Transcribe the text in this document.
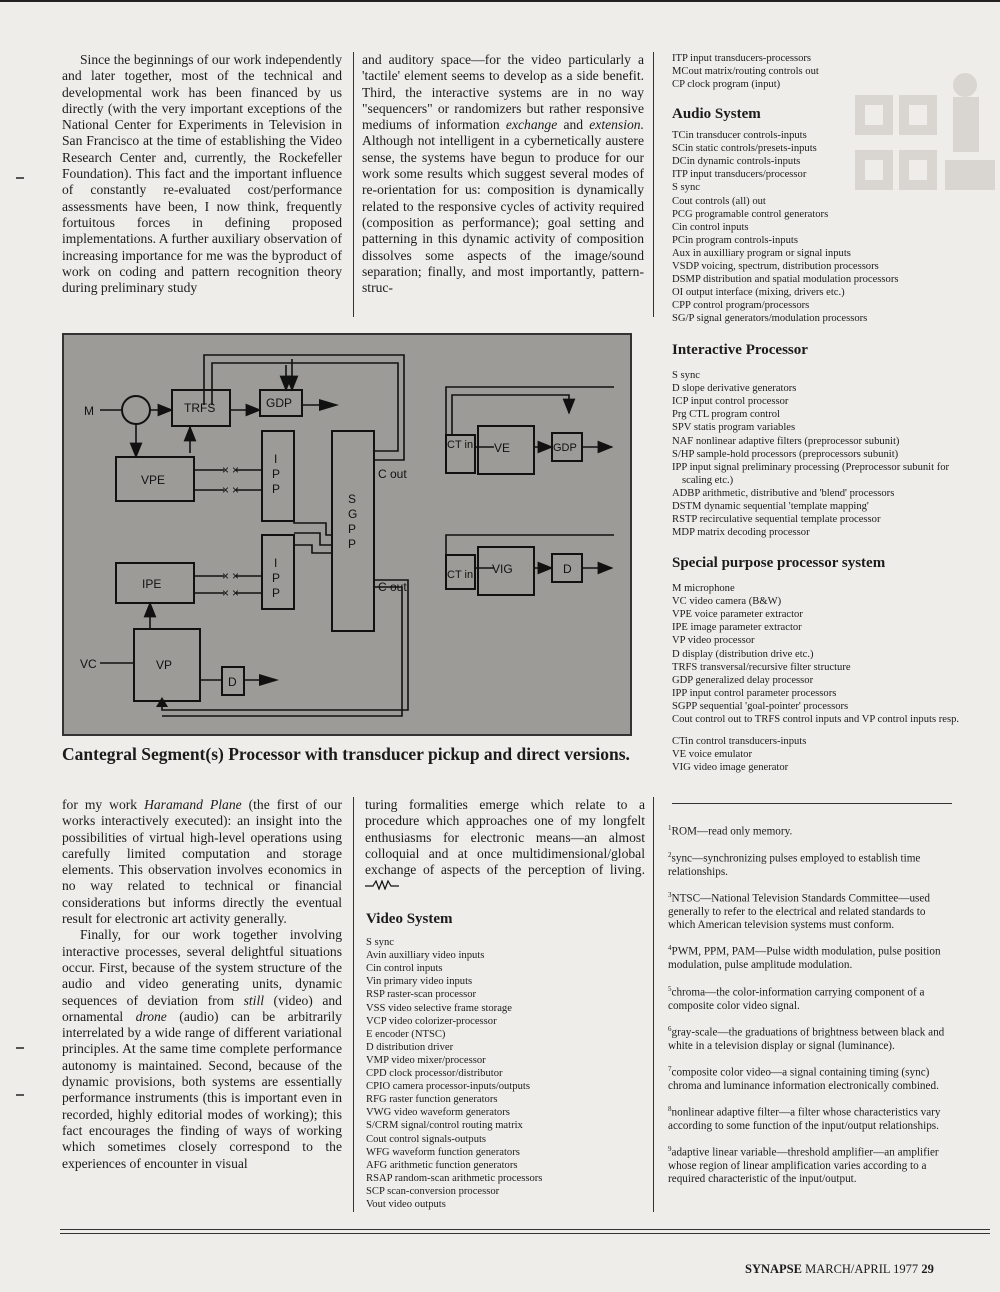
Since the beginnings of our work independently and later together, most of the technical and developmental work has been financed by us directly (with the very important exceptions of the National Center for Experiments in Television in San Francisco at the time of establishing the Video Research Center and, currently, the Rockefeller Foundation). This fact and the important influence of constantly re-evaluated cost/performance assessments have been, I now think, frequently fortuitous forces in defining proposed implementations. A further auxiliary observation of increasing importance for me was the byproduct of work on coding and pattern recognition theory during preliminary study

and auditory space—for the video particularly a 'tactile' element seems to develop as a side benefit. Third, the interactive systems are in no way "sequencers" or randomizers but rather responsive mediums of information exchange and extension. Although not intelligent in a cybernetically austere sense, the systems have begun to produce for our work some results which suggest several modes of re-orientation for us: composition is dynamically related to the responsive cycles of activity required (composition as performance); goal setting and patterning in this dynamic activity of composition dissolves some aspects of the image/sound separation; finally, and most importantly, pattern-struc-

ITP input transducers-processors
MCout matrix/routing controls out
CP clock program (input)
Audio System
TCin transducer controls-inputs
SCin static controls/presets-inputs
DCin dynamic controls-inputs
ITP input transducers/processor
S sync
Cout controls (all) out
PCG programable control generators
Cin control inputs
PCin program controls-inputs
Aux in auxilliary program or signal inputs
VSDP voicing, spectrum, distribution processors
DSMP distribution and spatial modulation processors
OI output interface (mixing, drivers etc.)
CPP control program/processors
SG/P signal generators/modulation processors
Interactive Processor
S sync
D slope derivative generators
ICP input control processor
Prg CTL program control
SPV statis program variables
NAF nonlinear adaptive filters (preprocessor subunit)
S/HP sample-hold processors (preprocessors subunit)
IPP input signal preliminary processing (Preprocessor subunit for scaling etc.)
ADBP arithmetic, distributive and 'blend' processors
DSTM dynamic sequential 'template mapping'
RSTP recirculative sequential template processor
MDP matrix decoding processor
Special purpose processor system
M microphone
VC video camera (B&W)
VPE voice parameter extractor
IPE image parameter extractor
VP video processor
D display (distribution drive etc.)
TRFS transversal/recursive filter structure
GDP generalized delay processor
IPP input control parameter processors
SGPP sequential 'goal-pointer' processors
Cout control out to TRFS control inputs and VP control inputs resp.
CTin control transducers-inputs
VE voice emulator
VIG video image generator
$^1$ROM—read only memory.
$^2$sync—synchronizing pulses employed to establish time relationships.
$^3$NTSC—National Television Standards Committee—used generally to refer to the electrical and related standards to which American television systems must conform.
$^4$PWM, PPM, PAM—Pulse width modulation, pulse position modulation, pulse amplitude modulation.
$^5$chroma—the color-information carrying component of a composite color video signal.
$^6$gray-scale—the graduations of brightness between black and white in a television display or signal (luminance).
$^7$composite color video—a signal containing timing (sync) chroma and luminance information electronically combined.
$^8$nonlinear adaptive filter—a filter whose characteristics vary according to some function of the input/output relationships.
$^9$adaptive linear variable—threshold amplifier—an amplifier whose region of linear amplification varies according to a required characteristic of the input/output.
M	TRFS	GDP
VPE
I
P
P
I
P
P
S
G
P
P
C out
C out
IPE
VC	VP
D
CT in VE	GDP
CT in VIG	D
×
×
×
×
×
×
×
×
Cantegral Segment(s) Processor with transducer pickup and direct versions.

for my work Haramand Plane (the first of our works interactively executed): an insight into the possibilities of virtual high-level operations using carefully limited computation and storage elements. This observation involves economics in no way related to technical or financial considerations but informs directly the eventual result for electronic art activity generally.

Finally, for our work together involving interactive processes, several delightful situations occur. First, because of the system structure of the audio and video generating units, dynamic sequences of deviation from still (video) and ornamental drone (audio) can be arbitrarily interrelated by a wide range of different variational principles. At the same time complete performance autonomy is maintained. Second, because of the dynamic provisions, both systems are essentially performance instruments (this is important even in recorded, highly editorial modes of working); this fact encourages the finding of ways of working which sometimes closely correspond to the experiences of encounter in visual

turing formalities emerge which relate to a procedure which approaches one of my longfelt enthusiasms for electronic means—an almost colloquial and at once multidimensional/global exchange of aspects of the perception of living.

Video System
S sync
Avin auxilliary video inputs
Cin control inputs
Vin primary video inputs
RSP raster-scan processor
VSS video selective frame storage
VCP video colorizer-processor
E encoder (NTSC)
D distribution driver
VMP video mixer/processor
CPD clock processor/distributor
CPIO camera processor-inputs/outputs
RFG raster function generators
VWG video waveform generators
S/CRM signal/control routing matrix
Cout control signals-outputs
WFG waveform function generators
AFG arithmetic function generators
RSAP random-scan arithmetic processors
SCP scan-conversion processor
Vout video outputs
SYNAPSE MARCH/APRIL 1977 29
